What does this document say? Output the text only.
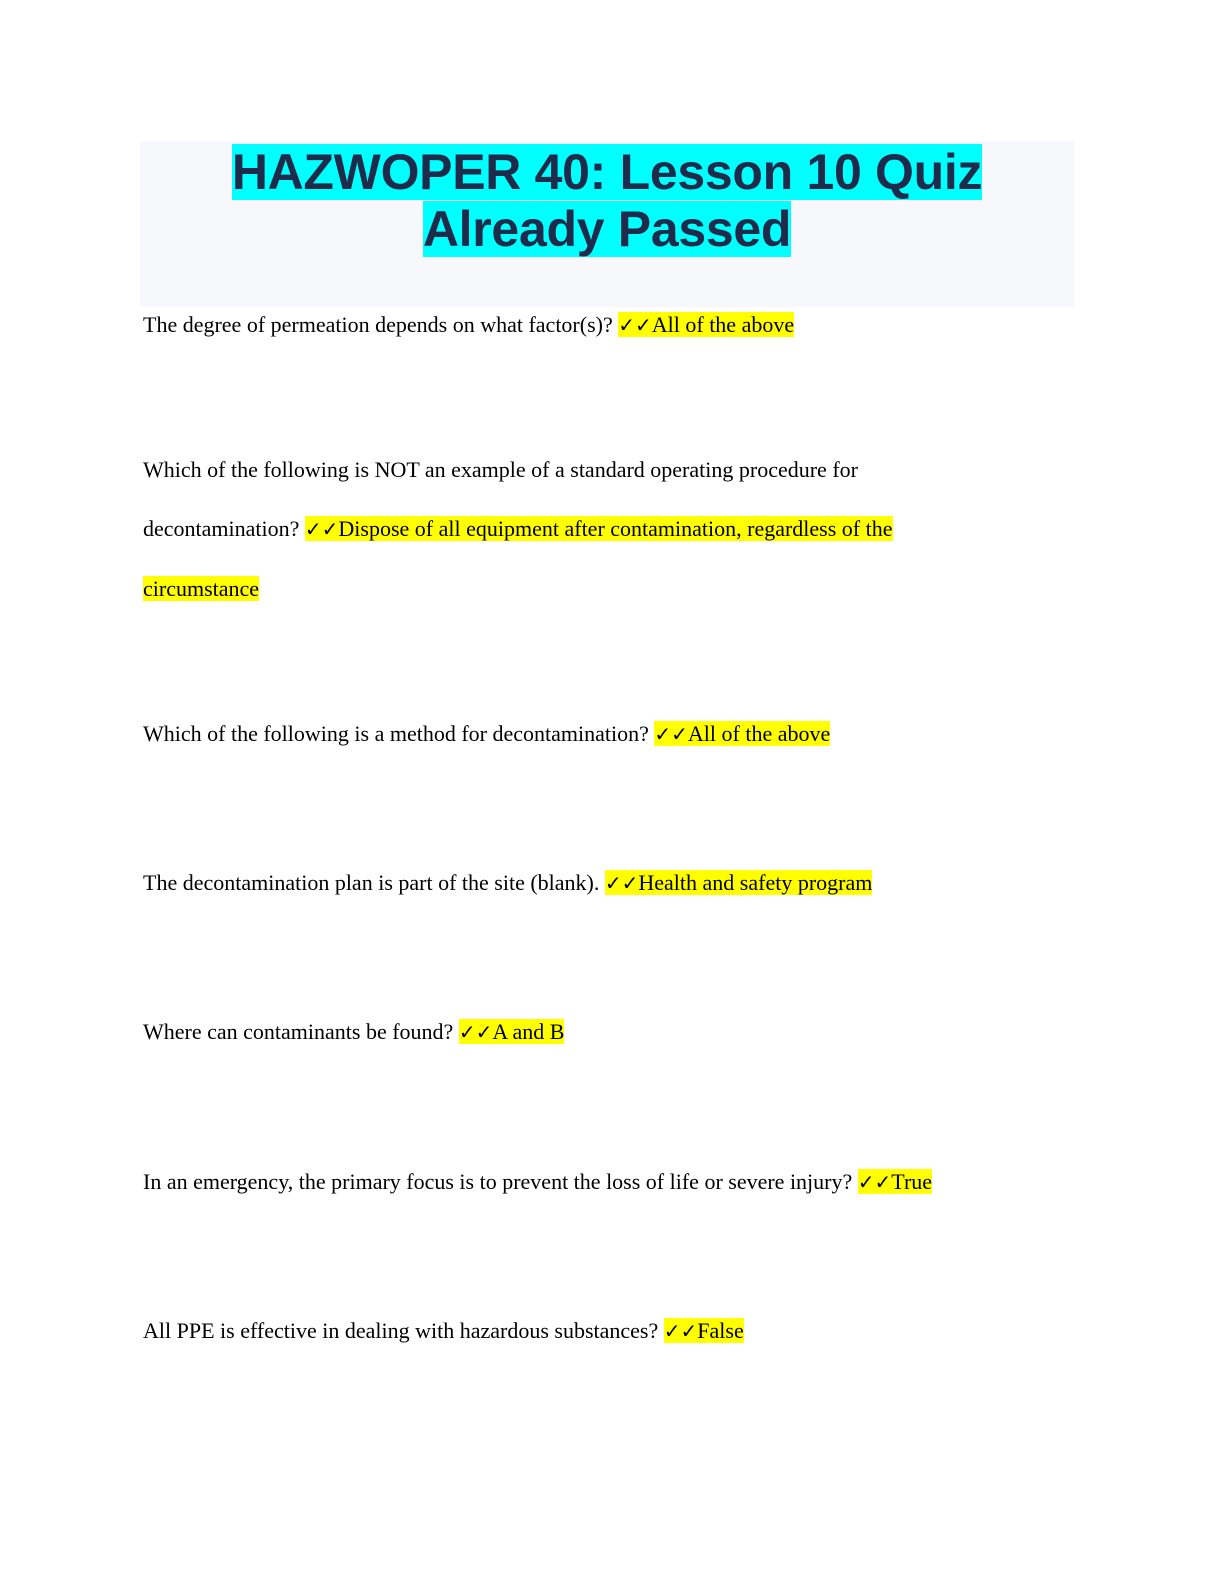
HAZWOPER 40: Lesson 10 Quiz Already Passed
The degree of permeation depends on what factor(s)? ✓✓All of the above
Which of the following is NOT an example of a standard operating procedure for decontamination? ✓✓Dispose of all equipment after contamination, regardless of the circumstance
Which of the following is a method for decontamination? ✓✓All of the above
The decontamination plan is part of the site (blank). ✓✓Health and safety program
Where can contaminants be found? ✓✓A and B
In an emergency, the primary focus is to prevent the loss of life or severe injury? ✓✓True
All PPE is effective in dealing with hazardous substances? ✓✓False
